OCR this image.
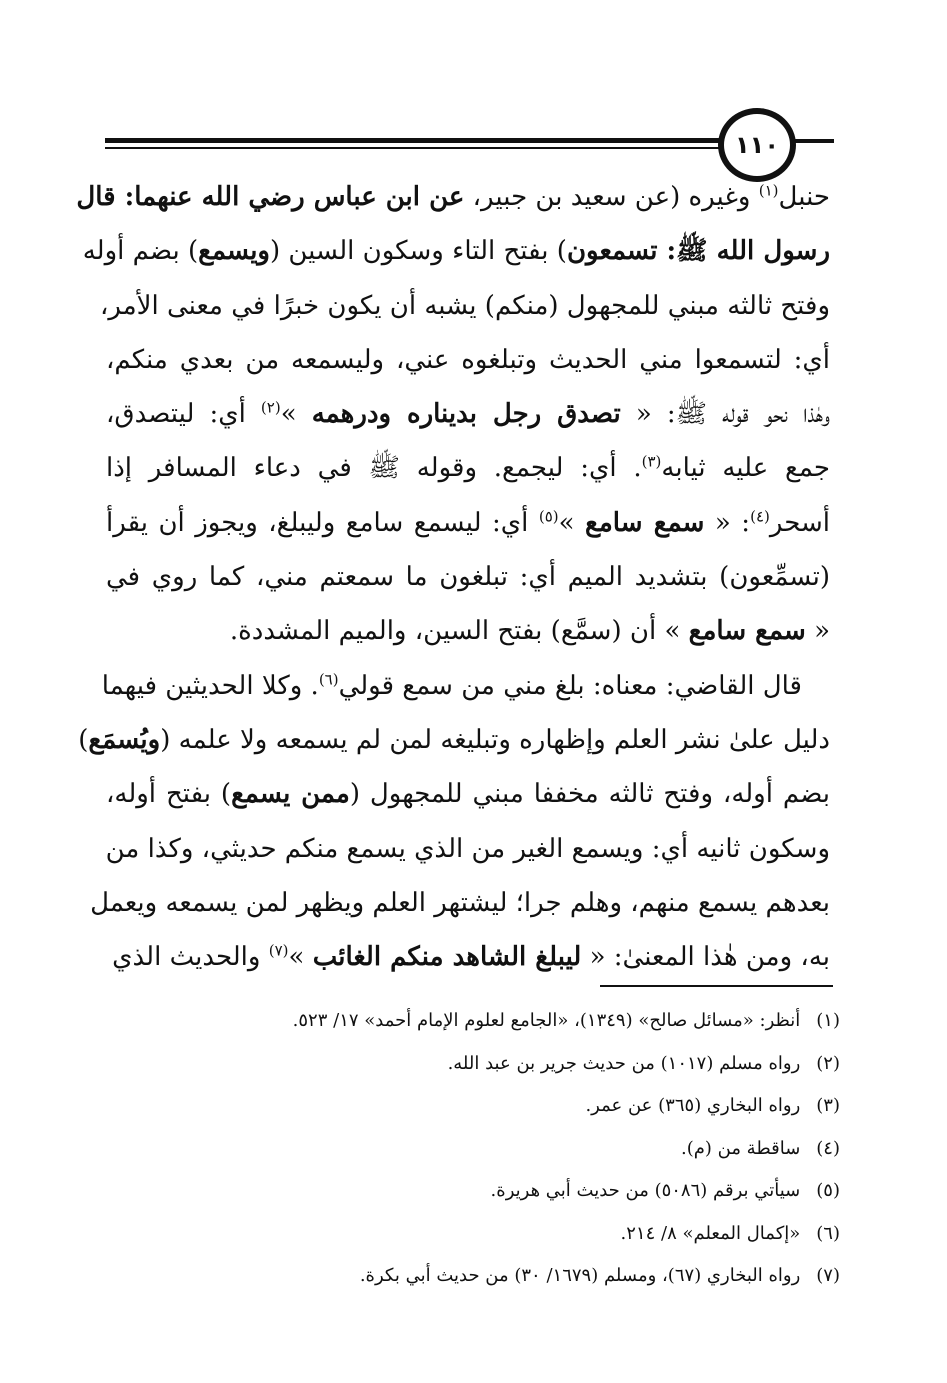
١١٠
حنبل$^{(١)}$ وغيره (عن سعيد بن جبير، عن ابن عباس رضي الله عنهما: قال
رسول الله ﷺ: تسمعون) بفتح التاء وسكون السين (ويسمع) بضم أوله
وفتح ثالثه مبني للمجهول (منكم) يشبه أن يكون خبرًا في معنى الأمر،
أي: لتسمعوا مني الحديث وتبلغوه عني، وليسمعه من بعدي منكم،
وهٰذا نحو قوله ﷺ: « تصدق رجل بديناره ودرهمه »$^{(٢)}$ أي: ليتصدق،
جمع عليه ثيابه$^{(٣)}$. أي: ليجمع. وقوله ﷺ في دعاء المسافر إذا
أسحر$^{(٤)}$: « سمع سامع »$^{(٥)}$ أي: ليسمع سامع وليبلغ، ويجوز أن يقرأ
(تسمِّعون) بتشديد الميم أي: تبلغون ما سمعتم مني، كما روي في
« سمع سامع » أن (سمَّع) بفتح السين، والميم المشددة.
قال القاضي: معناه: بلغ مني من سمع قولي$^{(٦)}$. وكلا الحديثين فيهما
دليل علىٰ نشر العلم وإظهاره وتبليغه لمن لم يسمعه ولا علمه (ويُسمَع)
بضم أوله، وفتح ثالثه مخففا مبني للمجهول (ممن يسمع) بفتح أوله،
وسكون ثانيه أي: ويسمع الغير من الذي يسمع منكم حديثي، وكذا من
بعدهم يسمع منهم، وهلم جرا؛ ليشتهر العلم ويظهر لمن يسمعه ويعمل
به، ومن هٰذا المعنىٰ: « ليبلغ الشاهد منكم الغائب »$^{(٧)}$ والحديث الذي
(١) أنظر: «مسائل صالح» (١٣٤٩)، «الجامع لعلوم الإمام أحمد» ١٧/ ٥٢٣.
(٢) رواه مسلم (١٠١٧) من حديث جرير بن عبد الله.
(٣) رواه البخاري (٣٦٥) عن عمر.
(٤) ساقطة من (م).
(٥) سيأتي برقم (٥٠٨٦) من حديث أبي هريرة.
(٦) «إكمال المعلم» ٨/ ٢١٤.
(٧) رواه البخاري (٦٧)، ومسلم (١٦٧٩/ ٣٠) من حديث أبي بكرة.
